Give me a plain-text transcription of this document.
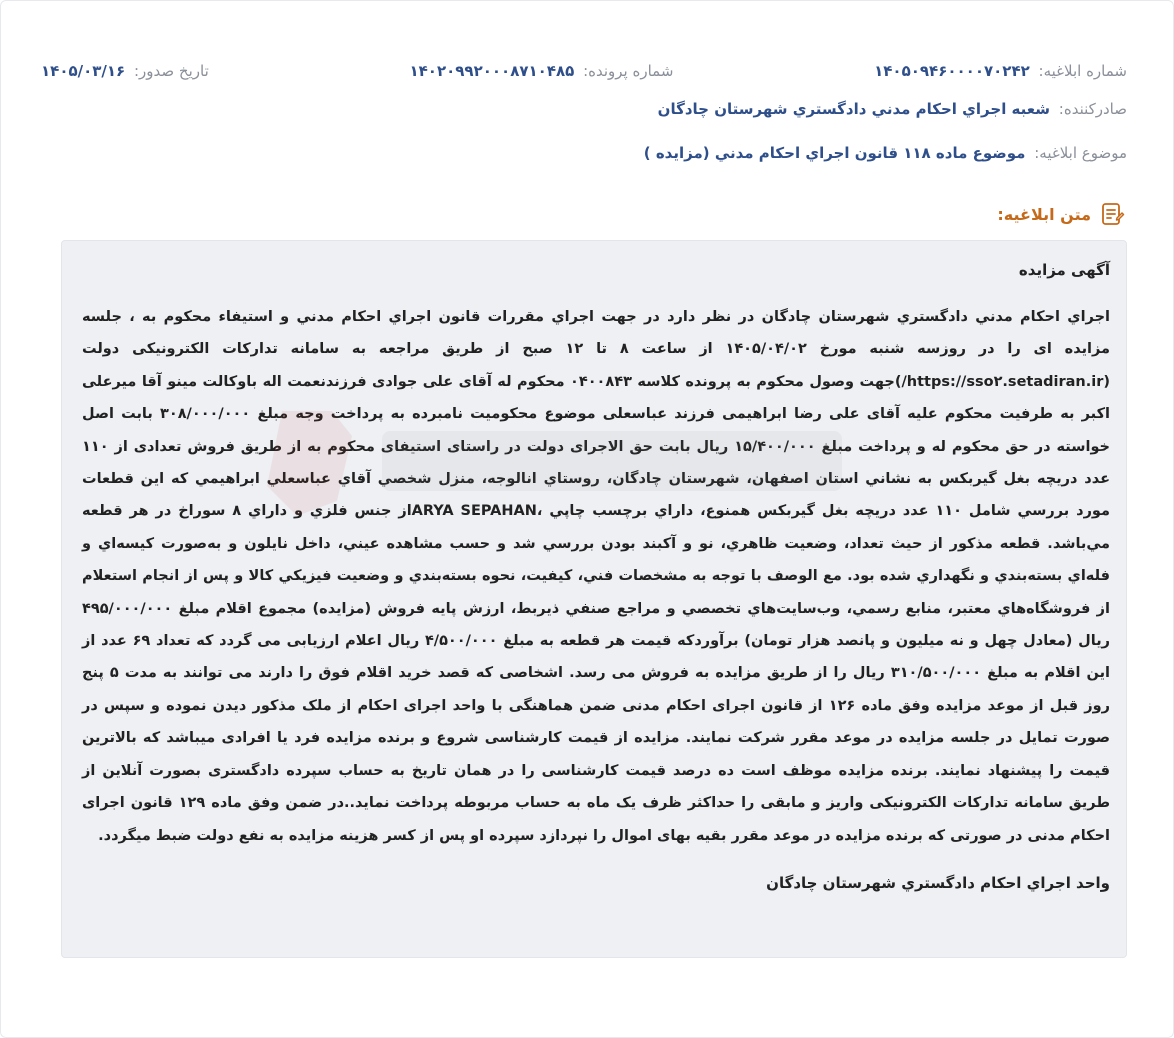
شماره ابلاغيه: ۱۴۰۵۰۹۴۶۰۰۰۰۷۰۲۴۲
شماره پرونده: ۱۴۰۲۰۹۹۲۰۰۰۸۷۱۰۴۸۵
تاريخ صدور: ۱۴۰۵/۰۳/۱۶
صادرکننده: شعبه اجراي احکام مدني دادگستري شهرستان چادگان
موضوع ابلاغيه: موضوع ماده ۱۱۸ قانون اجراي احکام مدني (مزايده )
متن ابلاغيه:
آگهی مزایده

اجراي احکام مدني دادگستري شهرستان چادگان در نظر دارد در جهت اجراي مقررات قانون اجراي احکام مدني و استيفاء محکوم به ، جلسه مزایده ای را در روزسه شنبه مورخ ۱۴۰۵/۰۴/۰۲ از ساعت ۸ تا ۱۲ صبح از طریق مراجعه به سامانه تدارکات الکترونیکی دولت (https://sso۲.setadiran.ir/)جهت وصول محکوم به پرونده کلاسه ۰۴۰۰۸۴۳ محکوم له آقای علی جوادی فرزندنعمت اله باوکالت مینو آقا میرعلی اکبر به طرفیت محکوم علیه آقای علی رضا ابراهیمی فرزند عباسعلی موضوع محکومیت نامبرده به پرداخت وجه مبلغ ۳۰۸/۰۰۰/۰۰۰ بابت اصل خواسته در حق محکوم له و پرداخت مبلغ ۱۵/۴۰۰/۰۰۰ ریال بابت حق الاجرای دولت در راستای استیفای محکوم به از طریق فروش تعدادی از ۱۱۰ عدد دريچه بغل گيربکس به نشاني استان اصفهان، شهرستان چادگان، روستاي انالوجه، منزل شخصي آقاي عباسعلي ابراهيمي که اين قطعات مورد بررسي شامل ۱۱۰ عدد دريچه بغل گيربکس همنوع، داراي برچسب چاپي ،ARYA SEPAHANاز جنس فلزي و داراي ۸ سوراخ در هر قطعه مي‌باشد. قطعه مذکور از حيث تعداد، وضعيت ظاهري، نو و آکبند بودن بررسي شد و حسب مشاهده عيني، داخل نايلون و به‌صورت کيسه‌اي و فله‌اي بسته‌بندي و نگهداري شده بود. مع الوصف با توجه به مشخصات فني، کيفيت، نحوه بسته‌بندي و وضعيت فيزيکي کالا و پس از انجام استعلام از فروشگاه‌هاي معتبر، منابع رسمي، وب‌سايت‌هاي تخصصي و مراجع صنفي ذيربط، ارزش پايه فروش (مزايده) مجموع اقلام مبلغ ۴۹۵/۰۰۰/۰۰۰ ريال (معادل چهل و نه میلیون و پانصد هزار تومان) برآوردکه قیمت هر قطعه به مبلغ ۴/۵۰۰/۰۰۰ ریال اعلام ارزیابی می گردد که تعداد ۶۹ عدد از این اقلام به مبلغ ۳۱۰/۵۰۰/۰۰۰ ریال را از طریق مزایده به فروش می رسد. اشخاصی که قصد خرید اقلام فوق را دارند می توانند به مدت ۵ پنج روز قبل از موعد مزایده وفق ماده ۱۲۶ از قانون اجرای احکام مدنی ضمن هماهنگی با واحد اجرای احکام از ملک مذکور دیدن نموده و سپس در صورت تمایل در جلسه مزایده در موعد مقرر شرکت نمایند. مزایده از قیمت کارشناسی شروع و برنده مزایده فرد یا افرادی میباشد که بالاترین قیمت را پیشنهاد نمایند. برنده مزایده موظف است ده درصد قیمت کارشناسی را در همان تاریخ به حساب سپرده دادگستری بصورت آنلاین از طریق سامانه تدارکات الکترونیکی واریز و مابقی را حداکثر ظرف یک ماه به حساب مربوطه پرداخت نماید..در ضمن وفق ماده ۱۲۹ قانون اجرای احکام مدنی در صورتی که برنده مزایده در موعد مقرر بقیه بهای اموال را نپردازد سپرده او پس از کسر هزینه مزایده به نفع دولت ضبط میگردد.

واحد اجراي احکام دادگستري شهرستان چادگان
